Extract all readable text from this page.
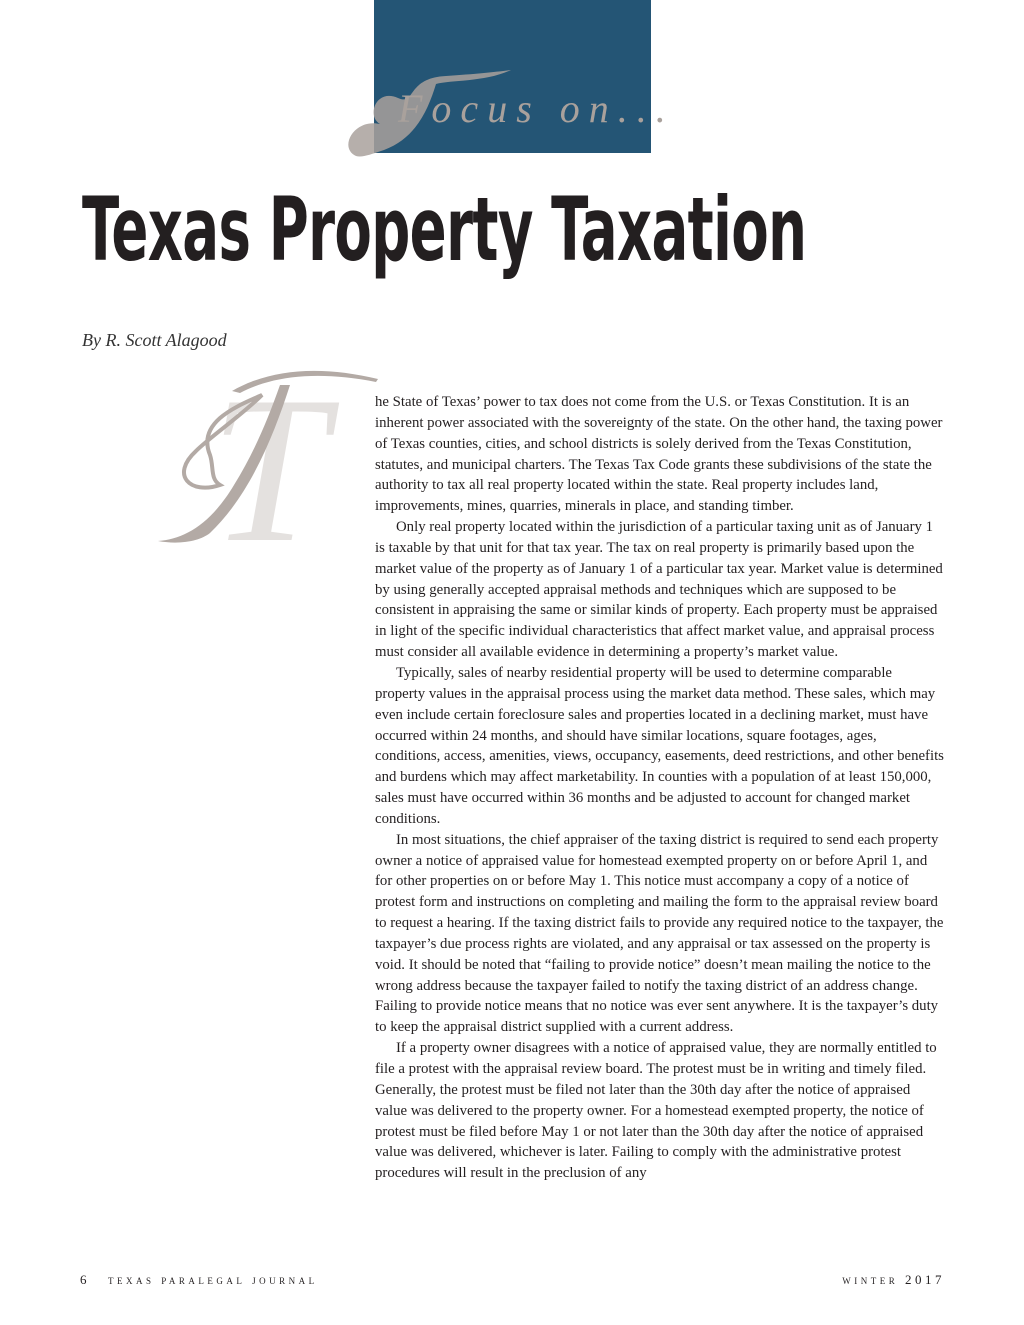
Focus on...
Texas Property Taxation

By R. Scott Alagood

T	he State of Texas’ power to tax does not come from the U.S. or Texas Constitution. It is an inherent power associated with the sovereignty of the state. On the other hand, the taxing power of Texas counties, cities, and school districts is solely derived from the Texas Constitution, statutes, and municipal charters. The Texas Tax Code grants these subdivisions of the state the authority to tax all real property located within the state. Real property includes land, improvements, mines, quarries, minerals in place, and standing timber.

Only real property located within the jurisdiction of a particular taxing unit as of January 1 is taxable by that unit for that tax year. The tax on real property is primarily based upon the market value of the property as of January 1 of a particular tax year. Market value is determined by using generally accepted appraisal methods and techniques which are supposed to be consistent in appraising the same or similar kinds of property. Each property must be appraised in light of the specific individual characteristics that affect market value, and appraisal process must consider all available evidence in determining a property’s market value.

Typically, sales of nearby residential property will be used to determine comparable property values in the appraisal process using the market data method. These sales, which may even include certain foreclosure sales and properties located in a declining market, must have occurred within 24 months, and should have similar locations, square footages, ages, conditions, access, amenities, views, occupancy, easements, deed restrictions, and other benefits and burdens which may affect marketability. In counties with a population of at least 150,000, sales must have occurred within 36 months and be adjusted to account for changed market conditions.

In most situations, the chief appraiser of the taxing district is required to send each property owner a notice of appraised value for homestead exempted property on or before April 1, and for other properties on or before May 1. This notice must accompany a copy of a notice of protest form and instructions on completing and mailing the form to the appraisal review board to request a hearing. If the taxing district fails to provide any required notice to the taxpayer, the taxpayer’s due process rights are violated, and any appraisal or tax assessed on the property is void. It should be noted that “failing to provide notice” doesn’t mean mailing the notice to the wrong address because the taxpayer failed to notify the taxing district of an address change. Failing to provide notice means that no notice was ever sent anywhere. It is the taxpayer’s duty to keep the appraisal district supplied with a current address.

If a property owner disagrees with a notice of appraised value, they are normally entitled to file a protest with the appraisal review board. The protest must be in writing and timely filed. Generally, the protest must be filed not later than the 30th day after the notice of appraised value was delivered to the property owner. For a homestead exempted property, the notice of protest must be filed before May 1 or not later than the 30th day after the notice of appraised value was delivered, whichever is later. Failing to comply with the administrative protest procedures will result in the preclusion of any

6 texas paralegal journal	winter 2017
